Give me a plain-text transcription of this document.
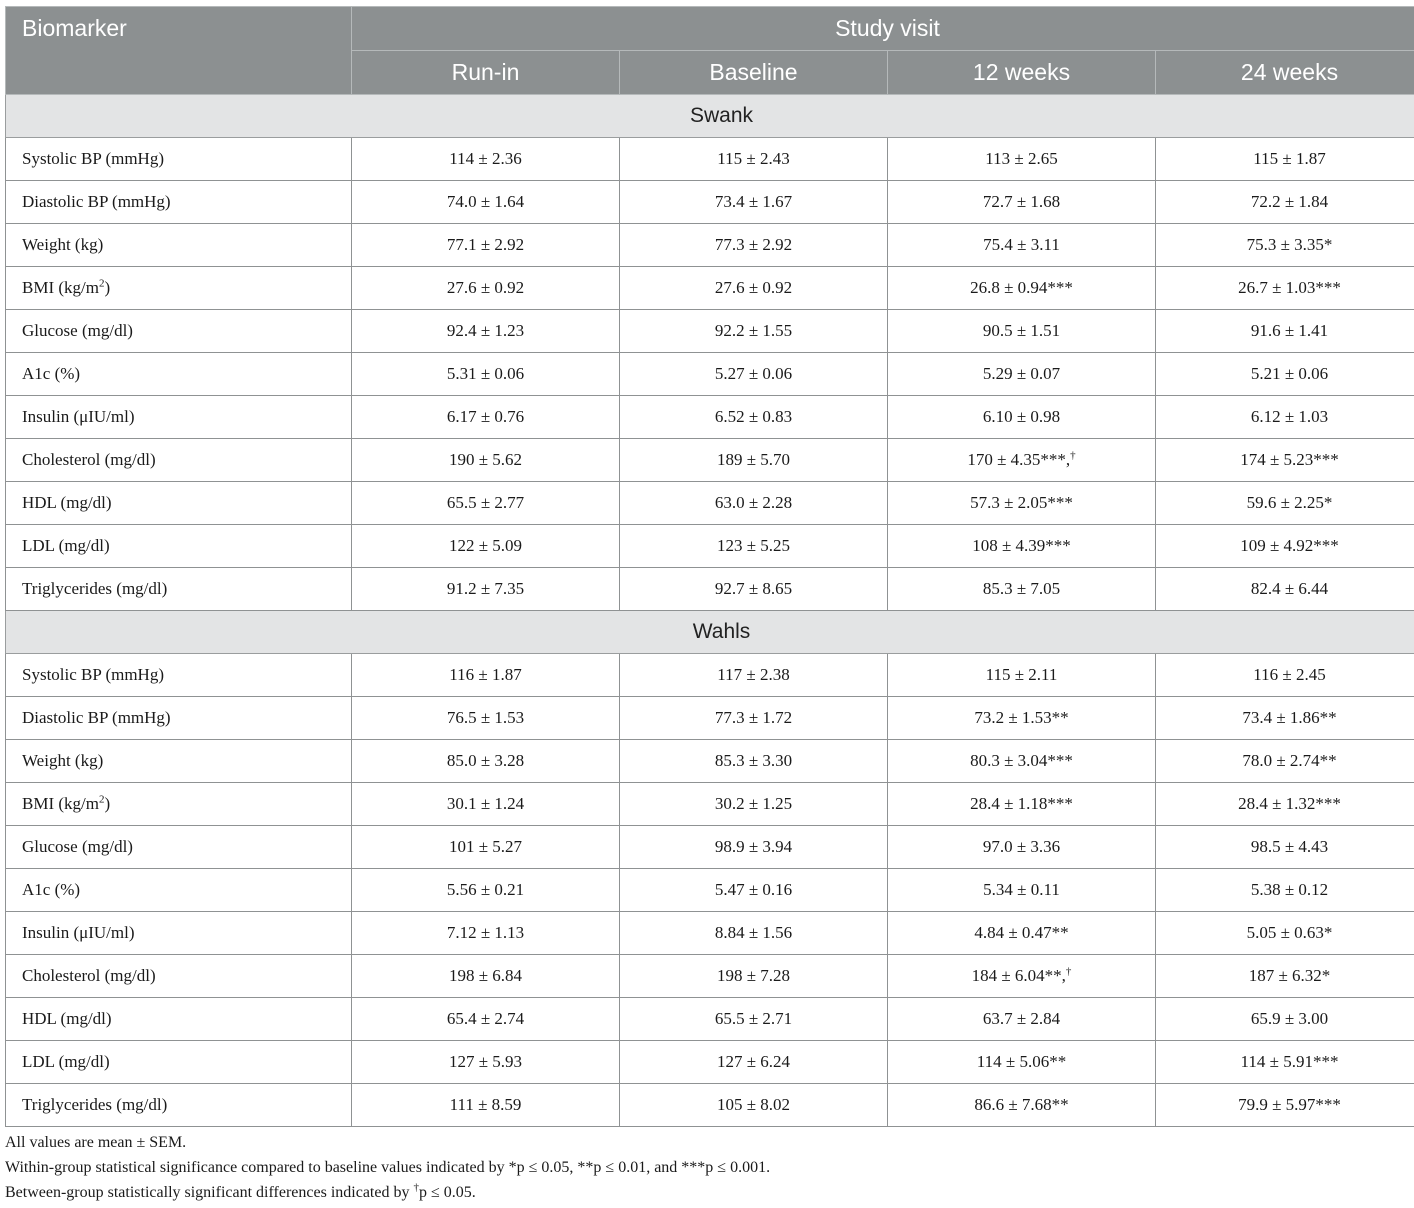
Biomarker	Study visit			
	Run-in	Baseline	12 weeks	24 weeks
Swank				
Systolic BP (mmHg)	114 ± 2.36	115 ± 2.43	113 ± 2.65	115 ± 1.87
Diastolic BP (mmHg)	74.0 ± 1.64	73.4 ± 1.67	72.7 ± 1.68	72.2 ± 1.84
Weight (kg)	77.1 ± 2.92	77.3 ± 2.92	75.4 ± 3.11	75.3 ± 3.35*
BMI $(kg/m^2)$	27.6 ± 0.92	27.6 ± 0.92	26.8 ± 0.94***	26.7 ± 1.03***
Glucose (mg/dl)	92.4 ± 1.23	92.2 ± 1.55	90.5 ± 1.51	91.6 ± 1.41
A1c (%)	5.31 ± 0.06	5.27 ± 0.06	5.29 ± 0.07	5.21 ± 0.06
Insulin (μIU/ml)	6.17 ± 0.76	6.52 ± 0.83	6.10 ± 0.98	6.12 ± 1.03
Cholesterol (mg/dl)	190 ± 5.62	189 ± 5.70	170 ± 4.35***,†	174 ± 5.23***
HDL (mg/dl)	65.5 ± 2.77	63.0 ± 2.28	57.3 ± 2.05***	59.6 ± 2.25*
LDL (mg/dl)	122 ± 5.09	123 ± 5.25	108 ± 4.39***	109 ± 4.92***
Triglycerides (mg/dl)	91.2 ± 7.35	92.7 ± 8.65	85.3 ± 7.05	82.4 ± 6.44
Wahls				
Systolic BP (mmHg)	116 ± 1.87	117 ± 2.38	115 ± 2.11	116 ± 2.45
Diastolic BP (mmHg)	76.5 ± 1.53	77.3 ± 1.72	73.2 ± 1.53**	73.4 ± 1.86**
Weight (kg)	85.0 ± 3.28	85.3 ± 3.30	80.3 ± 3.04***	78.0 ± 2.74**
BMI $(kg/m^2)$	30.1 ± 1.24	30.2 ± 1.25	28.4 ± 1.18***	28.4 ± 1.32***
Glucose (mg/dl)	101 ± 5.27	98.9 ± 3.94	97.0 ± 3.36	98.5 ± 4.43
A1c (%)	5.56 ± 0.21	5.47 ± 0.16	5.34 ± 0.11	5.38 ± 0.12
Insulin (μIU/ml)	7.12 ± 1.13	8.84 ± 1.56	4.84 ± 0.47**	5.05 ± 0.63*
Cholesterol (mg/dl)	198 ± 6.84	198 ± 7.28	184 ± 6.04**,†	187 ± 6.32*
HDL (mg/dl)	65.4 ± 2.74	65.5 ± 2.71	63.7 ± 2.84	65.9 ± 3.00
LDL (mg/dl)	127 ± 5.93	127 ± 6.24	114 ± 5.06**	114 ± 5.91***
Triglycerides (mg/dl)	111 ± 8.59	105 ± 8.02	86.6 ± 7.68**	79.9 ± 5.97***

All values are mean ± SEM.

Within-group statistical significance compared to baseline values indicated by *p ≤ 0.05, **p ≤ 0.01, and ***p ≤ 0.001.

Between-group statistically significant differences indicated by †p ≤ 0.05.
